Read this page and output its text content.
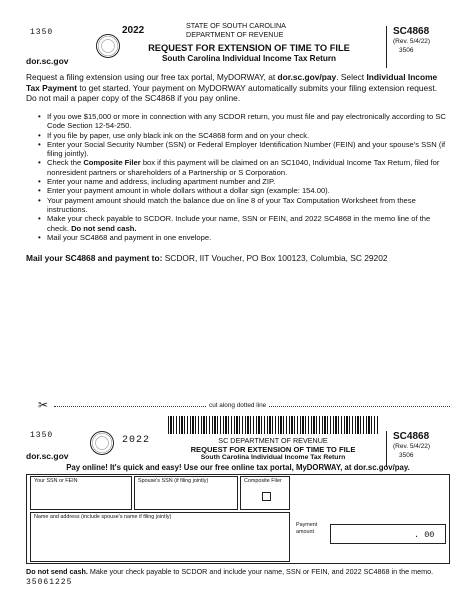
1350
dor.sc.gov
2022	STATE OF SOUTH CAROLINA
DEPARTMENT OF REVENUE
REQUEST FOR EXTENSION OF TIME TO FILE
South Carolina Individual Income Tax Return
SC4868
(Rev. 5/4/22)
3506
Request a filing extension using our free tax portal, MyDORWAY, at dor.sc.gov/pay. Select Individual Income Tax Payment to get started. Your payment on MyDORWAY automatically submits your filing extension request. Do not mail a paper copy of the SC4868 if you pay online.
• If you owe $15,000 or more in connection with any SCDOR return, you must file and pay electronically according to SC Code Section 12-54-250.
• If you file by paper, use only black ink on the SC4868 form and on your check.
• Enter your Social Security Number (SSN) or Federal Employer Identification Number (FEIN) and your spouse's SSN (if filing jointly).
• Check the Composite Filer box if this payment will be claimed on an SC1040, Individual Income Tax Return, filed for nonresident partners or shareholders of a Partnership or S Corporation.
• Enter your name and address, including apartment number and ZIP.
• Enter your payment amount in whole dollars without a dollar sign (example: 154.00).
• Your payment amount should match the balance due on line 8 of your Tax Computation Worksheet from these instructions.
• Make your check payable to SCDOR. Include your name, SSN or FEIN, and 2022 SC4868 in the memo line of the check. Do not send cash.
• Mail your SC4868 and payment in one envelope.
Mail your SC4868 and payment to: SCDOR, IIT Voucher, PO Box 100123, Columbia, SC 29202
✂	cut along dotted line
1350
dor.sc.gov
2022	SC DEPARTMENT OF REVENUE
REQUEST FOR EXTENSION OF TIME TO FILE
South Carolina Individual Income Tax Return
SC4868
(Rev. 5/4/22)
3506
Pay online! It's quick and easy! Use our free online tax portal, MyDORWAY, at dor.sc.gov/pay.
Your SSN or FEIN	Spouse's SSN (if filing jointly)	Composite Filer
Name and address (include spouse's name if filing jointly)
Payment
amount	. 00
Do not send cash. Make your check payable to SCDOR and include your name, SSN or FEIN, and 2022 SC4868 in the memo.
35061225
